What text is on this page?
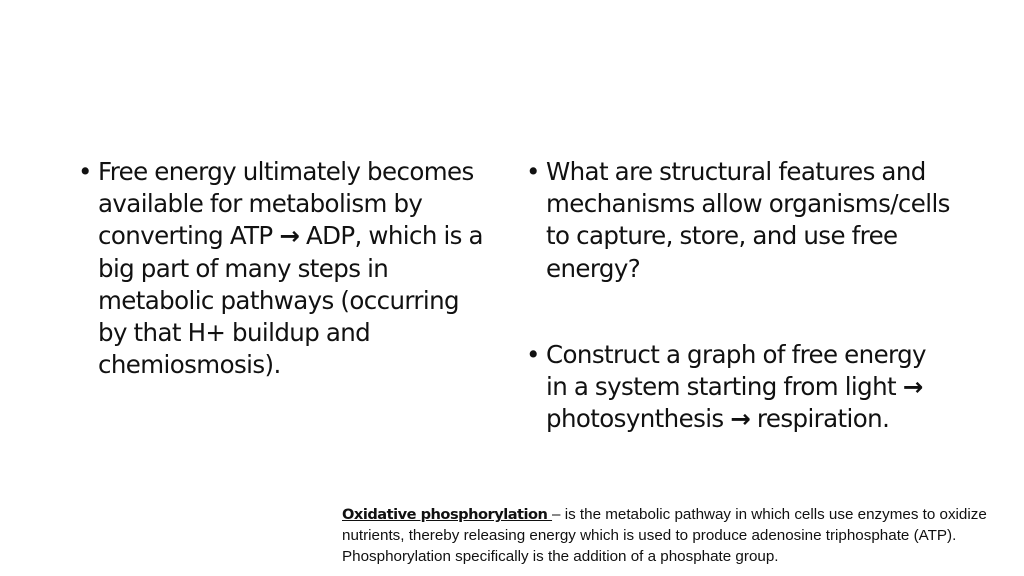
• Free energy ultimately becomes available for metabolism by converting ATP → ADP, which is a big part of many steps in metabolic pathways (occurring by that H+ buildup and chemiosmosis).
• What are structural features and mechanisms allow organisms/cells to capture, store, and use free energy?
• Construct a graph of free energy in a system starting from light → photosynthesis → respiration.

Oxidative phosphorylation – is the metabolic pathway in which cells use enzymes to oxidize nutrients, thereby releasing energy which is used to produce adenosine triphosphate (ATP). Phosphorylation specifically is the addition of a phosphate group.
